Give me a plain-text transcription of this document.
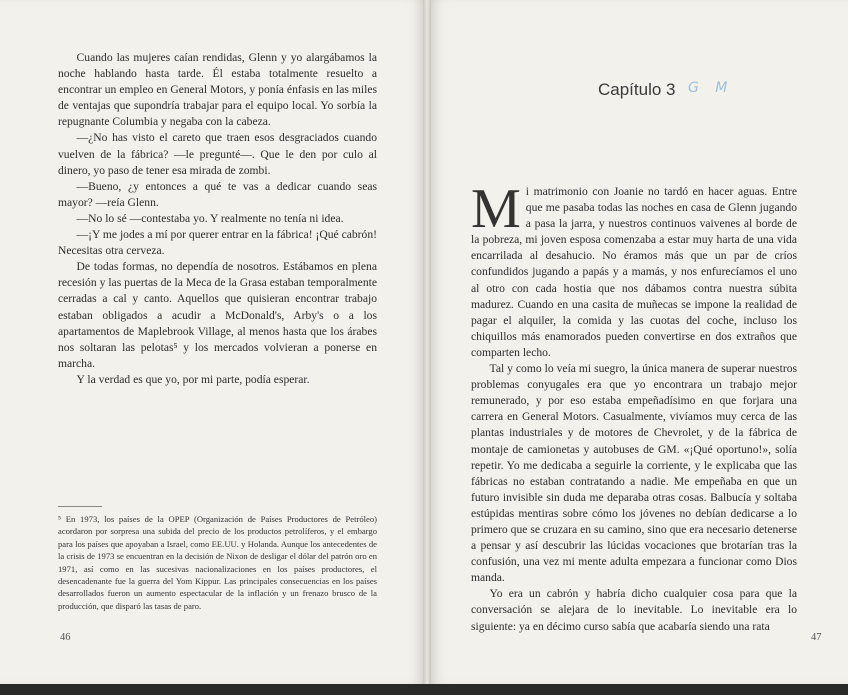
Cuando las mujeres caían rendidas, Glenn y yo alargábamos la noche hablando hasta tarde. Él estaba totalmente resuelto a encontrar un empleo en General Motors, y ponía énfasis en las miles de ventajas que supondría trabajar para el equipo local. Yo sorbía la repugnante Columbia y negaba con la cabeza.

—¿No has visto el careto que traen esos desgraciados cuando vuelven de la fábrica? —le pregunté—. Que le den por culo al dinero, yo paso de tener esa mirada de zombi.

—Bueno, ¿y entonces a qué te vas a dedicar cuando seas mayor? —reía Glenn.

—No lo sé —contestaba yo. Y realmente no tenía ni idea.

—¡Y me jodes a mí por querer entrar en la fábrica! ¡Qué cabrón! Necesitas otra cerveza.

De todas formas, no dependía de nosotros. Estábamos en plena recesión y las puertas de la Meca de la Grasa estaban temporalmente cerradas a cal y canto. Aquellos que quisieran encontrar trabajo estaban obligados a acudir a McDonald's, Arby's o a los apartamentos de Maplebrook Village, al menos hasta que los árabes nos soltaran las pelotas⁵ y los mercados volvieran a ponerse en marcha.

Y la verdad es que yo, por mi parte, podía esperar.

⁵ En 1973, los países de la OPEP (Organización de Países Productores de Petróleo) acordaron por sorpresa una subida del precio de los productos petrolíferos, y el embargo para los países que apoyaban a Israel, como EE.UU. y Holanda. Aunque los antecedentes de la crisis de 1973 se encuentran en la decisión de Nixon de desligar el dólar del patrón oro en 1971, así como en las sucesivas nacionalizaciones en los países productores, el desencadenante fue la guerra del Yom Kippur. Las principales consecuencias en los países desarrollados fueron un aumento espectacular de la inflación y un frenazo brusco de la producción, que disparó las tasas de paro.

46
Capítulo 3 G M

Mi matrimonio con Joanie no tardó en hacer aguas. Entre que me pasaba todas las noches en casa de Glenn jugando a pasa la jarra, y nuestros continuos vaivenes al borde de la pobreza, mi joven esposa comenzaba a estar muy harta de una vida encarrilada al desahucio. No éramos más que un par de críos confundidos jugando a papás y a mamás, y nos enfurecíamos el uno al otro con cada hostia que nos dábamos contra nuestra súbita madurez. Cuando en una casita de muñecas se impone la realidad de pagar el alquiler, la comida y las cuotas del coche, incluso los chiquillos más enamorados pueden convertirse en dos extraños que comparten lecho.

Tal y como lo veía mi suegro, la única manera de superar nuestros problemas conyugales era que yo encontrara un trabajo mejor remunerado, y por eso estaba empeñadísimo en que forjara una carrera en General Motors. Casualmente, vivíamos muy cerca de las plantas industriales y de motores de Chevrolet, y de la fábrica de montaje de camionetas y autobuses de GM. «¡Qué oportuno!», solía repetir. Yo me dedicaba a seguirle la corriente, y le explicaba que las fábricas no estaban contratando a nadie. Me empeñaba en que un futuro invisible sin duda me deparaba otras cosas. Balbucía y soltaba estúpidas mentiras sobre cómo los jóvenes no debían dedicarse a lo primero que se cruzara en su camino, sino que era necesario detenerse a pensar y así descubrir las lúcidas vocaciones que brotarían tras la confusión, una vez mi mente adulta empezara a funcionar como Dios manda.

Yo era un cabrón y habría dicho cualquier cosa para que la conversación se alejara de lo inevitable. Lo inevitable era lo siguiente: ya en décimo curso sabía que acabaría siendo una rata

47
